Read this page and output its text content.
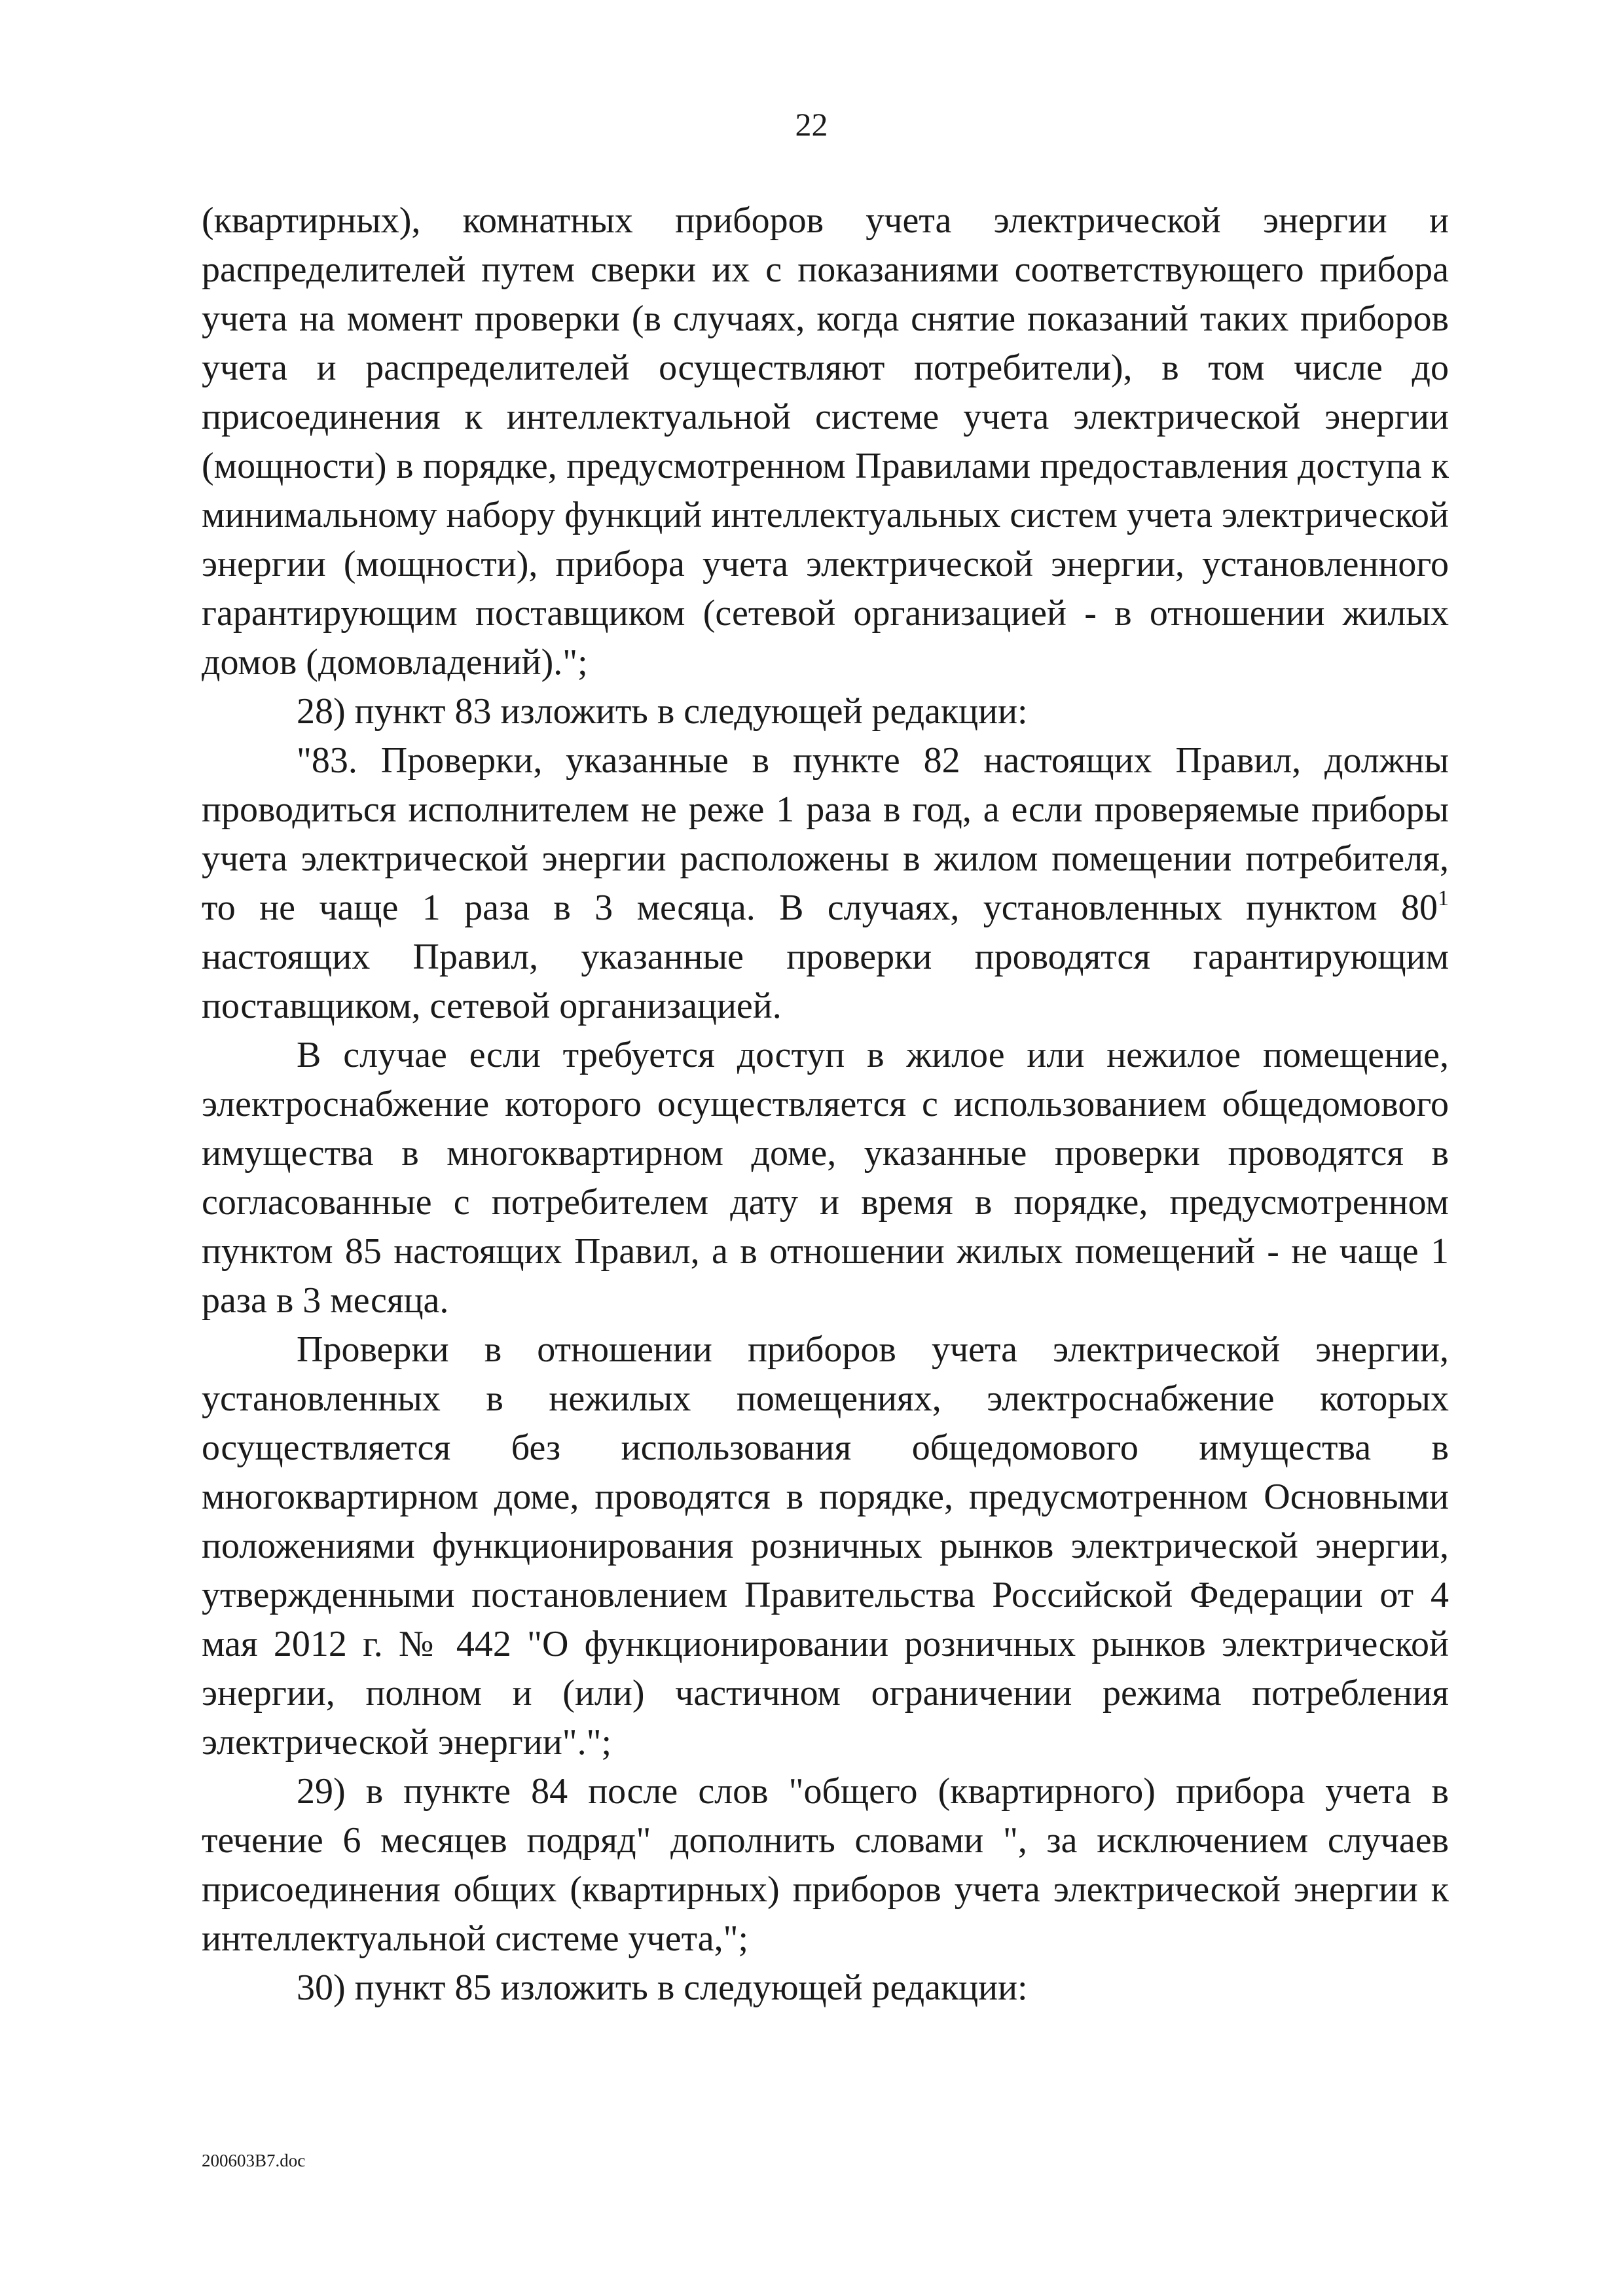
22

(квартирных), комнатных приборов учета электрической энергии и распределителей путем сверки их с показаниями соответствующего прибора учета на момент проверки (в случаях, когда снятие показаний таких приборов учета и распределителей осуществляют потребители), в том числе до присоединения к интеллектуальной системе учета электрической энергии (мощности) в порядке, предусмотренном Правилами предоставления доступа к минимальному набору функций интеллектуальных систем учета электрической энергии (мощности), прибора учета электрической энергии, установленного гарантирующим поставщиком (сетевой организацией - в отношении жилых домов (домовладений).";

28) пункт 83 изложить в следующей редакции:

"83. Проверки, указанные в пункте 82 настоящих Правил, должны проводиться исполнителем не реже 1 раза в год, а если проверяемые приборы учета электрической энергии расположены в жилом помещении потребителя, то не чаще 1 раза в 3 месяца. В случаях, установленных пунктом $80^1$ настоящих Правил, указанные проверки проводятся гарантирующим поставщиком, сетевой организацией.

В случае если требуется доступ в жилое или нежилое помещение, электроснабжение которого осуществляется с использованием общедомового имущества в многоквартирном доме, указанные проверки проводятся в согласованные с потребителем дату и время в порядке, предусмотренном пунктом 85 настоящих Правил, а в отношении жилых помещений - не чаще 1 раза в 3 месяца.

Проверки в отношении приборов учета электрической энергии, установленных в нежилых помещениях, электроснабжение которых осуществляется без использования общедомового имущества в многоквартирном доме, проводятся в порядке, предусмотренном Основными положениями функционирования розничных рынков электрической энергии, утвержденными постановлением Правительства Российской Федерации от 4 мая 2012 г. № 442 "О функционировании розничных рынков электрической энергии, полном и (или) частичном ограничении режима потребления электрической энергии".";

29) в пункте 84 после слов "общего (квартирного) прибора учета в течение 6 месяцев подряд" дополнить словами ", за исключением случаев присоединения общих (квартирных) приборов учета электрической энергии к интеллектуальной системе учета,";

30) пункт 85 изложить в следующей редакции:

200603B7.doc
